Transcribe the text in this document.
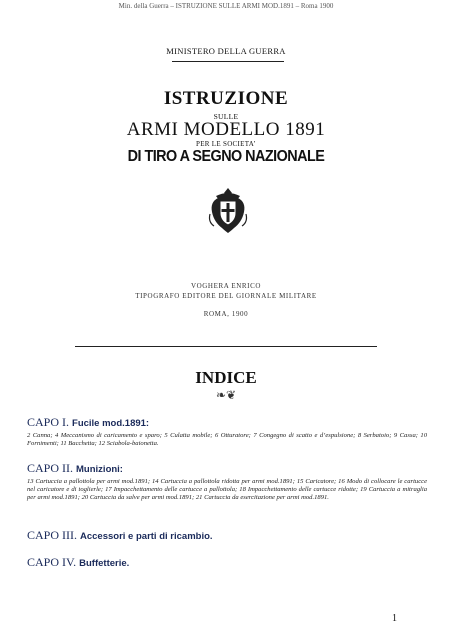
Min. della Guerra – ISTRUZIONE SULLE ARMI MOD.1891 – Roma 1900
MINISTERO DELLA GUERRA
ISTRUZIONE
SULLE
ARMI MODELLO 1891
PER LE SOCIETA’
DI TIRO A SEGNO NAZIONALE
VOGHERA ENRICO
TIPOGRAFO EDITORE DEL GIORNALE MILITARE
ROMA, 1900
INDICE
❧❦
CAPO I. Fucile mod.1891:
2 Canna; 4 Meccanismo di caricamento e sparo; 5 Culatta mobile; 6 Otturatore; 7 Congegno di scatto e d’espulsione; 8 Serbatoio; 9 Cassa; 10 Fornimenti; 11 Bacchetta; 12 Sciabola-baionetta.
CAPO II. Munizioni:
13 Cartuccia a pallottola per armi mod.1891; 14 Cartuccia a pallottola ridotta per armi mod.1891; 15 Caricatore; 16 Modo di collocare le cartucce nel caricatore e di toglierle; 17 Impacchettamento delle cartucce a pallottola; 18 Impacchettamento delle cartucce ridotte; 19 Cartuccia a mitraglia per armi mod.1891; 20 Cartuccia da salve per armi mod.1891; 21 Cartuccia da esercitazione per armi mod.1891.
CAPO III. Accessori e parti di ricambio.
CAPO IV. Buffetterie.
1
